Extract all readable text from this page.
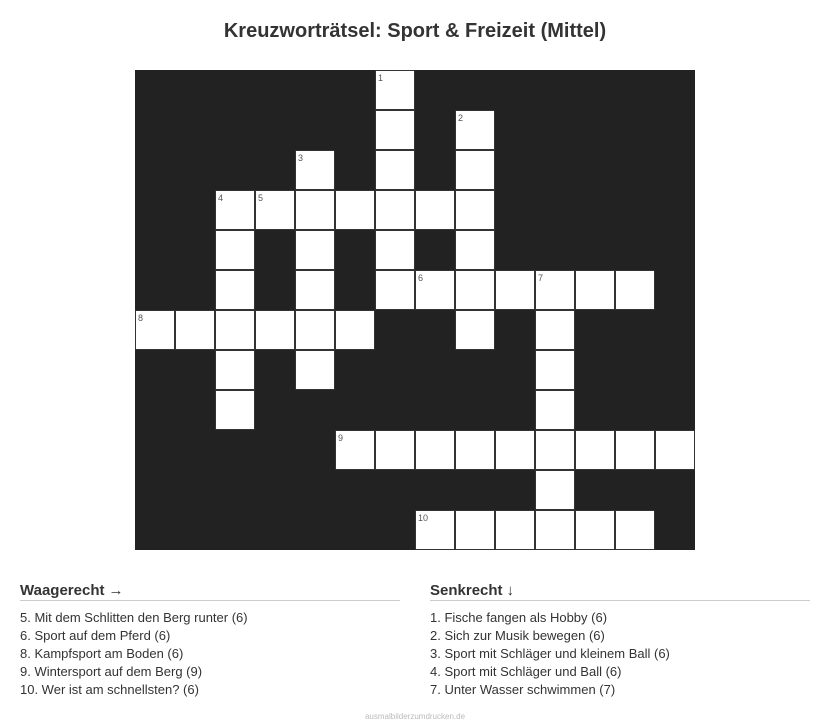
Kreuzworträtsel: Sport & Freizeit (Mittel)
1
2
3
4	5
6	7
8
9
10
Waagerecht →
5. Mit dem Schlitten den Berg runter (6)
6. Sport auf dem Pferd (6)
8. Kampfsport am Boden (6)
9. Wintersport auf dem Berg (9)
10. Wer ist am schnellsten? (6)
Senkrecht ↓
1. Fische fangen als Hobby (6)
2. Sich zur Musik bewegen (6)
3. Sport mit Schläger und kleinem Ball (6)
4. Sport mit Schläger und Ball (6)
7. Unter Wasser schwimmen (7)
ausmalbilderzumdrucken.de
